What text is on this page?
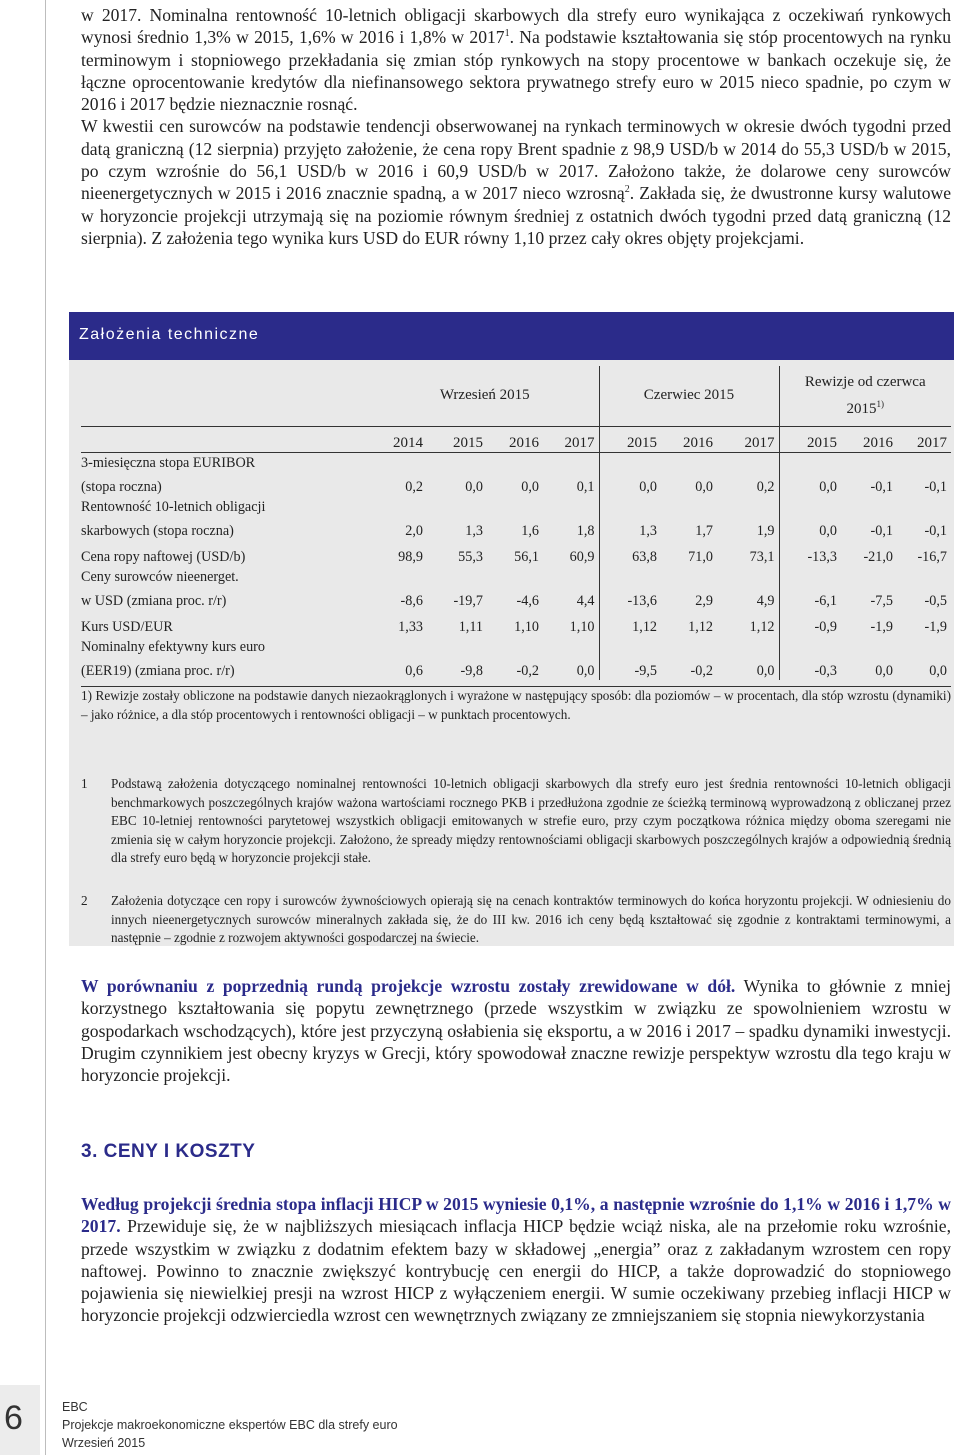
w 2017. Nominalna rentowność 10-letnich obligacji skarbowych dla strefy euro wynikająca z oczekiwań rynkowych wynosi średnio 1,3% w 2015, 1,6% w 2016 i 1,8% w 2017$^1$. Na podstawie kształtowania się stóp procentowych na rynku terminowym i stopniowego przekładania się zmian stóp rynkowych na stopy procentowe w bankach oczekuje się, że łączne oprocentowanie kredytów dla niefinansowego sektora prywatnego strefy euro w 2015 nieco spadnie, po czym w 2016 i 2017 będzie nieznacznie rosnąć.

W kwestii cen surowców na podstawie tendencji obserwowanej na rynkach terminowych w okresie dwóch tygodni przed datą graniczną (12 sierpnia) przyjęto założenie, że cena ropy Brent spadnie z 98,9 USD/b w 2014 do 55,3 USD/b w 2015, po czym wzrośnie do 56,1 USD/b w 2016 i 60,9 USD/b w 2017. Założono także, że dolarowe ceny surowców nieenergetycznych w 2015 i 2016 znacznie spadną, a w 2017 nieco wzrosną$^2$. Zakłada się, że dwustronne kursy walutowe w horyzoncie projekcji utrzymają się na poziomie równym średniej z ostatnich dwóch tygodni przed datą graniczną (12 sierpnia). Z założenia tego wynika kurs USD do EUR równy 1,10 przez cały okres objęty projekcjami.

Założenia techniczne
	Wrzesień 2015				Czerwiec 2015			Rewizje od czerwca
2015$^{1)}$

	2014	2015	2016	2017	2015	2016	2017	2015	2016	2017
3-miesięczna stopa EURIBOR										
(stopa roczna)	0,2	0,0	0,0	0,1	0,0	0,0	0,2	0,0	-0,1	-0,1
Rentowność 10-letnich obligacji										
skarbowych (stopa roczna)	2,0	1,3	1,6	1,8	1,3	1,7	1,9	0,0	-0,1	-0,1
Cena ropy naftowej (USD/b)	98,9	55,3	56,1	60,9	63,8	71,0	73,1	-13,3	-21,0	-16,7
Ceny surowców nieenerget.										
w USD (zmiana proc. r/r)	-8,6	-19,7	-4,6	4,4	-13,6	2,9	4,9	-6,1	-7,5	-0,5
Kurs USD/EUR	1,33	1,11	1,10	1,10	1,12	1,12	1,12	-0,9	-1,9	-1,9
Nominalny efektywny kurs euro										
(EER19) (zmiana proc. r/r)	0,6	-9,8	-0,2	0,0	-9,5	-0,2	0,0	-0,3	0,0	0,0

1) Rewizje zostały obliczone na podstawie danych niezaokrąglonych i wyrażone w następujący sposób: dla poziomów – w procentach, dla stóp wzrostu (dynamiki) – jako różnice, a dla stóp procentowych i rentowności obligacji – w punktach procentowych.
1 Podstawą założenia dotyczącego nominalnej rentowności 10-letnich obligacji skarbowych dla strefy euro jest średnia rentowności 10-letnich obligacji benchmarkowych poszczególnych krajów ważona wartościami rocznego PKB i przedłużona zgodnie ze ścieżką terminową wyprowadzoną z obliczanej przez EBC 10-letniej rentowności parytetowej wszystkich obligacji emitowanych w strefie euro, przy czym początkowa różnica między oboma szeregami nie zmienia się w całym horyzoncie projekcji. Założono, że spready między rentownościami obligacji skarbowych poszczególnych krajów a odpowiednią średnią dla strefy euro będą w horyzoncie projekcji stałe.
2 Założenia dotyczące cen ropy i surowców żywnościowych opierają się na cenach kontraktów terminowych do końca horyzontu projekcji. W odniesieniu do innych nieenergetycznych surowców mineralnych zakłada się, że do III kw. 2016 ich ceny będą kształtować się zgodnie z kontraktami terminowymi, a następnie – zgodnie z rozwojem aktywności gospodarczej na świecie.

W porównaniu z poprzednią rundą projekcje wzrostu zostały zrewidowane w dół. Wynika to głównie z mniej korzystnego kształtowania się popytu zewnętrznego (przede wszystkim w związku ze spowolnieniem wzrostu w gospodarkach wschodzących), które jest przyczyną osłabienia się eksportu, a w 2016 i 2017 – spadku dynamiki inwestycji. Drugim czynnikiem jest obecny kryzys w Grecji, który spowodował znaczne rewizje perspektyw wzrostu dla tego kraju w horyzoncie projekcji.

3. CENY I KOSZTY

Według projekcji średnia stopa inflacji HICP w 2015 wyniesie 0,1%, a następnie wzrośnie do 1,1% w 2016 i 1,7% w 2017. Przewiduje się, że w najbliższych miesiącach inflacja HICP będzie wciąż niska, ale na przełomie roku wzrośnie, przede wszystkim w związku z dodatnim efektem bazy w składowej „energia” oraz z zakładanym wzrostem cen ropy naftowej. Powinno to znacznie zwiększyć kontrybucję cen energii do HICP, a także doprowadzić do stopniowego pojawienia się niewielkiej presji na wzrost HICP z wyłączeniem energii. W sumie oczekiwany przebieg inflacji HICP w horyzoncie projekcji odzwierciedla wzrost cen wewnętrznych związany ze zmniejszaniem się stopnia niewykorzystania

6	EBC
Projekcje makroekonomiczne ekspertów EBC dla strefy euro
Wrzesień 2015
